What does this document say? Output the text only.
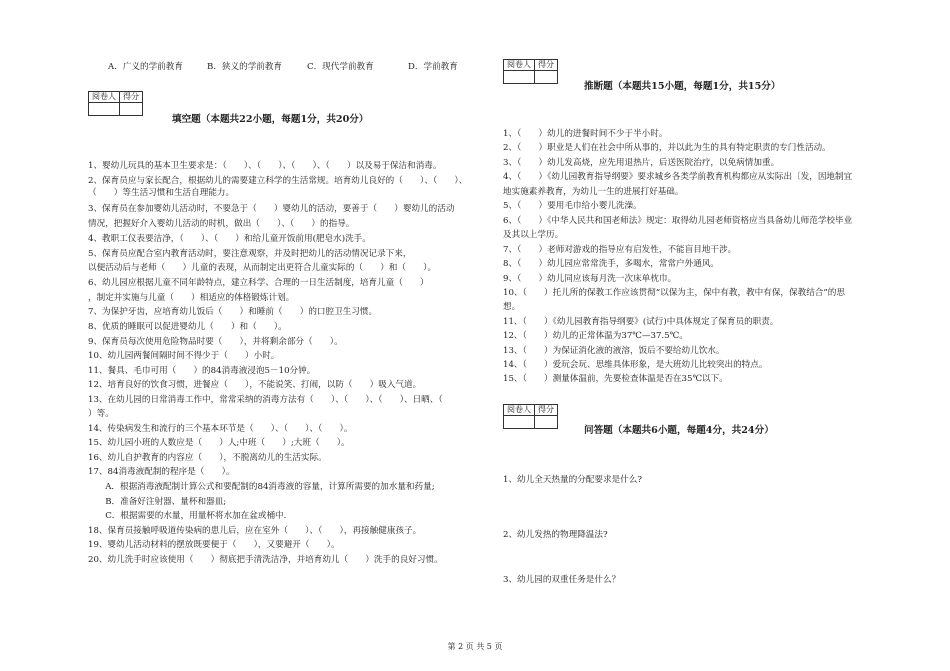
A．广义的学前教育	B．狭义的学前教育	C．现代学前教育	D．学前教育
阅卷人	得分

填空题（本题共22小题，每题1分，共20分）
1、婴幼儿玩具的基本卫生要求是：（　　）、（　　）、（　　）、（　　）以及易于保洁和消毒。
2、保育员应与家长配合，根据幼儿的需要建立科学的生活常规。培育幼儿良好的（　　）、（　　）、（　　）等生活习惯和生活自理能力。
3、保育员在参加婴幼儿活动时，不要急于（　　）婴幼儿的活动，要善于（　　）婴幼儿的活动
情况，把握好介入婴幼儿活动的时机，做出（　　）、（　　）的指导。
4、教职工仪表要洁净，（　　）、（　　）和给儿童开饭前用(肥皂水)洗手。
5、保育员应配合室内教育活动时，要注意观察，并及时把幼儿的活动情况记录下来，
以便活动后与老师（　　）儿童的表现，从而制定出更符合儿童实际的（　　）和（　　）。
6、幼儿园应根据儿童不同年龄特点，建立科学、合理的一日生活制度，培育儿童（　　）
，制定并实施与儿童（　　）相适应的体格锻炼计划。
7、为保护牙齿，应培育幼儿饭后（　　）和睡前（　　）的口腔卫生习惯。
8、优质的睡眠可以促进婴幼儿（　　）和（　　）。
9、保育员每次使用危险物品时要（　　），并将剩余部分（　　）。
10、幼儿园两餐间隔时间不得少于（　　）小时。
11、餐具、毛巾可用（　　）的84消毒液浸泡5－10分钟。
12、培育良好的饮食习惯，进餐应（　　），不能说笑、打闹，以防（　　）吸入气道。
13、在幼儿园的日常消毒工作中，常常采纳的消毒方法有（　　）、（　　）、（　　）、日晒、（
）等。
14、传染病发生和流行的三个基本环节是（　　）、（　　）、（　　）。
15、幼儿园小班的人数应是（　　）人;中班（　　）;大班（　　）。
16、幼儿自护教育的内容应（　　），不脱离幼儿的生活实际。
17、84消毒液配制的程序是（　　）。
　　A．根据消毒液配制计算公式和要配制的84消毒液的容量，计算所需要的加水量和药量;
　　B．准备好注射器、量杯和器皿;
　　C．根据需要的水量，用量杯将水加在盆或桶中.
18、保育员接触呼吸道传染病的患儿后，应在室外（　　）、（　　），再接触健康孩子。
19、婴幼儿活动材料的摆放既要便于（　　），又要避开（　　）。
20、幼儿洗手时应该使用（　　）彻底把手清洗洁净，并培育幼儿（　　）洗手的良好习惯。
阅卷人	得分

推断题（本题共15小题，每题1分，共15分）
1、（　　）幼儿的进餐时间不少于半小时。
2、（　　）职业是人们在社会中所从事的，并以此为生的具有特定职责的专门性活动。
3、（　　）幼儿发高烧，应先用退热片，后送医院治疗，以免病情加重。
4、（　　）《幼儿园教育指导纲要》要求城乡各类学前教育机构都应从实际出〔发，因地制宜
地实施素养教育，为幼儿一生的进展打好基础。
5、（　　）要用毛巾给小婴儿洗澡。
6、（　　）《中华人民共和国老师法》规定：取得幼儿园老师资格应当具备幼儿师范学校毕业
及其以上学历。
7、（　　）老师对游戏的指导应有启发性，不能盲目地干涉。
8、（　　）幼儿园应常常洗手，多喝水，常常户外通风。
9、（　　）幼儿同应该每月洗一次床单枕巾。
10、（　　）托儿所的保教工作应该贯彻“以保为主，保中有教，教中有保，保教结合”的思
想。
11、（　　）《幼儿园教育指导纲要》(试行)中具体规定了保育员的职责。
12、（　　）幼儿的正常体温为37℃—37.5℃。
13、（　　）为保证消化液的液溶，饭后不要给幼儿饮水。
14、（　　）爱玩会玩、思维具体形象，是大班幼儿比较突出的特点。
15、（　　）测量体温前，先要检查体温是否在35℃以下。
阅卷人	得分

问答题（本题共6小题，每题4分，共24分）
1、幼儿全天热量的分配要求是什么?
2、幼儿发热的物理降温法?
3、幼儿园的双重任务是什么？
第 2 页 共 5 页
